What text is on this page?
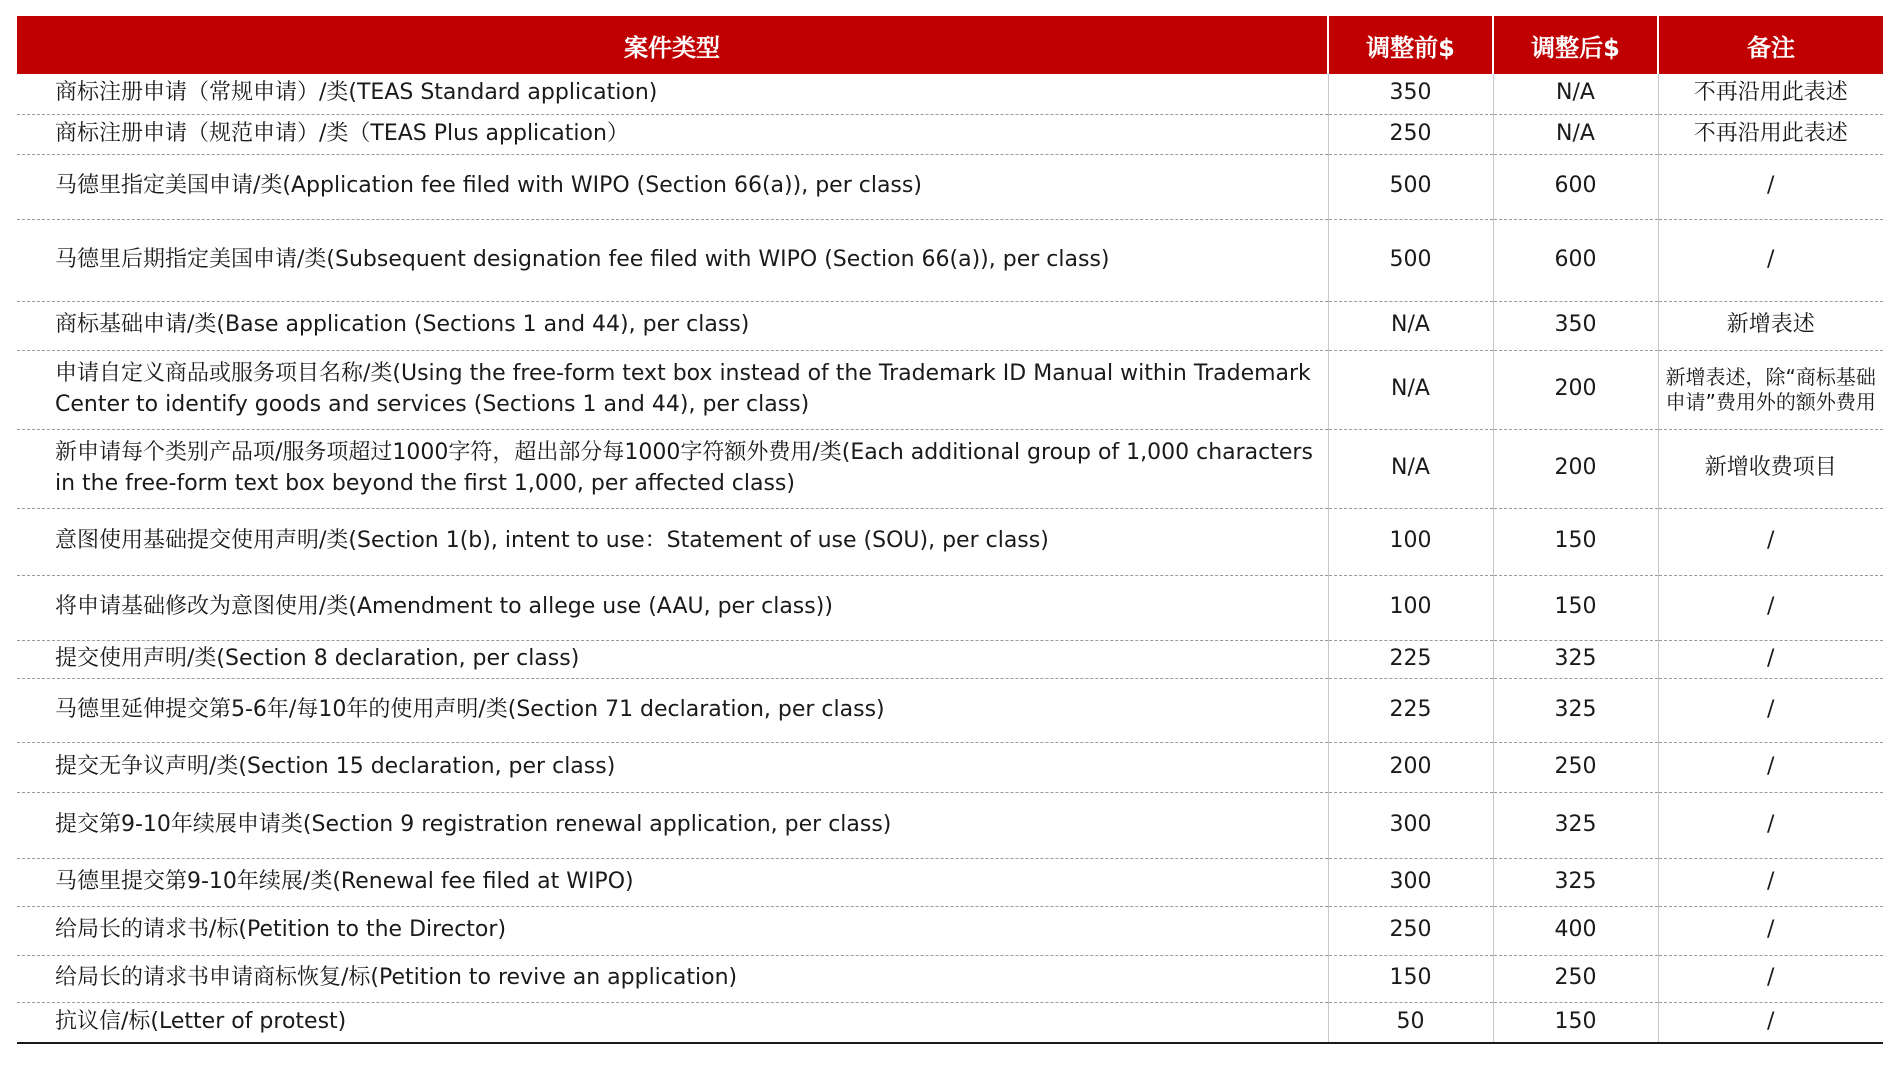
案件类型	调整前$	调整后$	备注
商标注册申请（常规申请）/类(TEAS Standard application)	350	N/A	不再沿用此表述
商标注册申请（规范申请）/类（TEAS Plus application）	250	N/A	不再沿用此表述
马德里指定美国申请/类(Application fee filed with WIPO (Section 66(a)), per class)	500	600	/
马德里后期指定美国申请/类(Subsequent designation fee filed with WIPO (Section 66(a)), per class)	500	600	/
商标基础申请/类(Base application (Sections 1 and 44), per class)	N/A	350	新增表述
申请自定义商品或服务项目名称/类(Using the free-form text box instead of the Trademark ID Manual within Trademark Center to identify goods and services (Sections 1 and 44), per class)	N/A	200	新增表述，除“商标基础申请”费用外的额外费用
新申请每个类别产品项/服务项超过1000字符，超出部分每1000字符额外费用/类(Each additional group of 1,000 characters in the free-form text box beyond the first 1,000, per affected class)	N/A	200	新增收费项目
意图使用基础提交使用声明/类(Section 1(b), intent to use：Statement of use (SOU), per class)	100	150	/
将申请基础修改为意图使用/类(Amendment to allege use (AAU, per class))	100	150	/
提交使用声明/类(Section 8 declaration, per class)	225	325	/
马德里延伸提交第5-6年/每10年的使用声明/类(Section 71 declaration, per class)	225	325	/
提交无争议声明/类(Section 15 declaration, per class)	200	250	/
提交第9-10年续展申请类(Section 9 registration renewal application, per class)	300	325	/
马德里提交第9-10年续展/类(Renewal fee filed at WIPO)	300	325	/
给局长的请求书/标(Petition to the Director)	250	400	/
给局长的请求书申请商标恢复/标(Petition to revive an application)	150	250	/
抗议信/标(Letter of protest)	50	150	/
